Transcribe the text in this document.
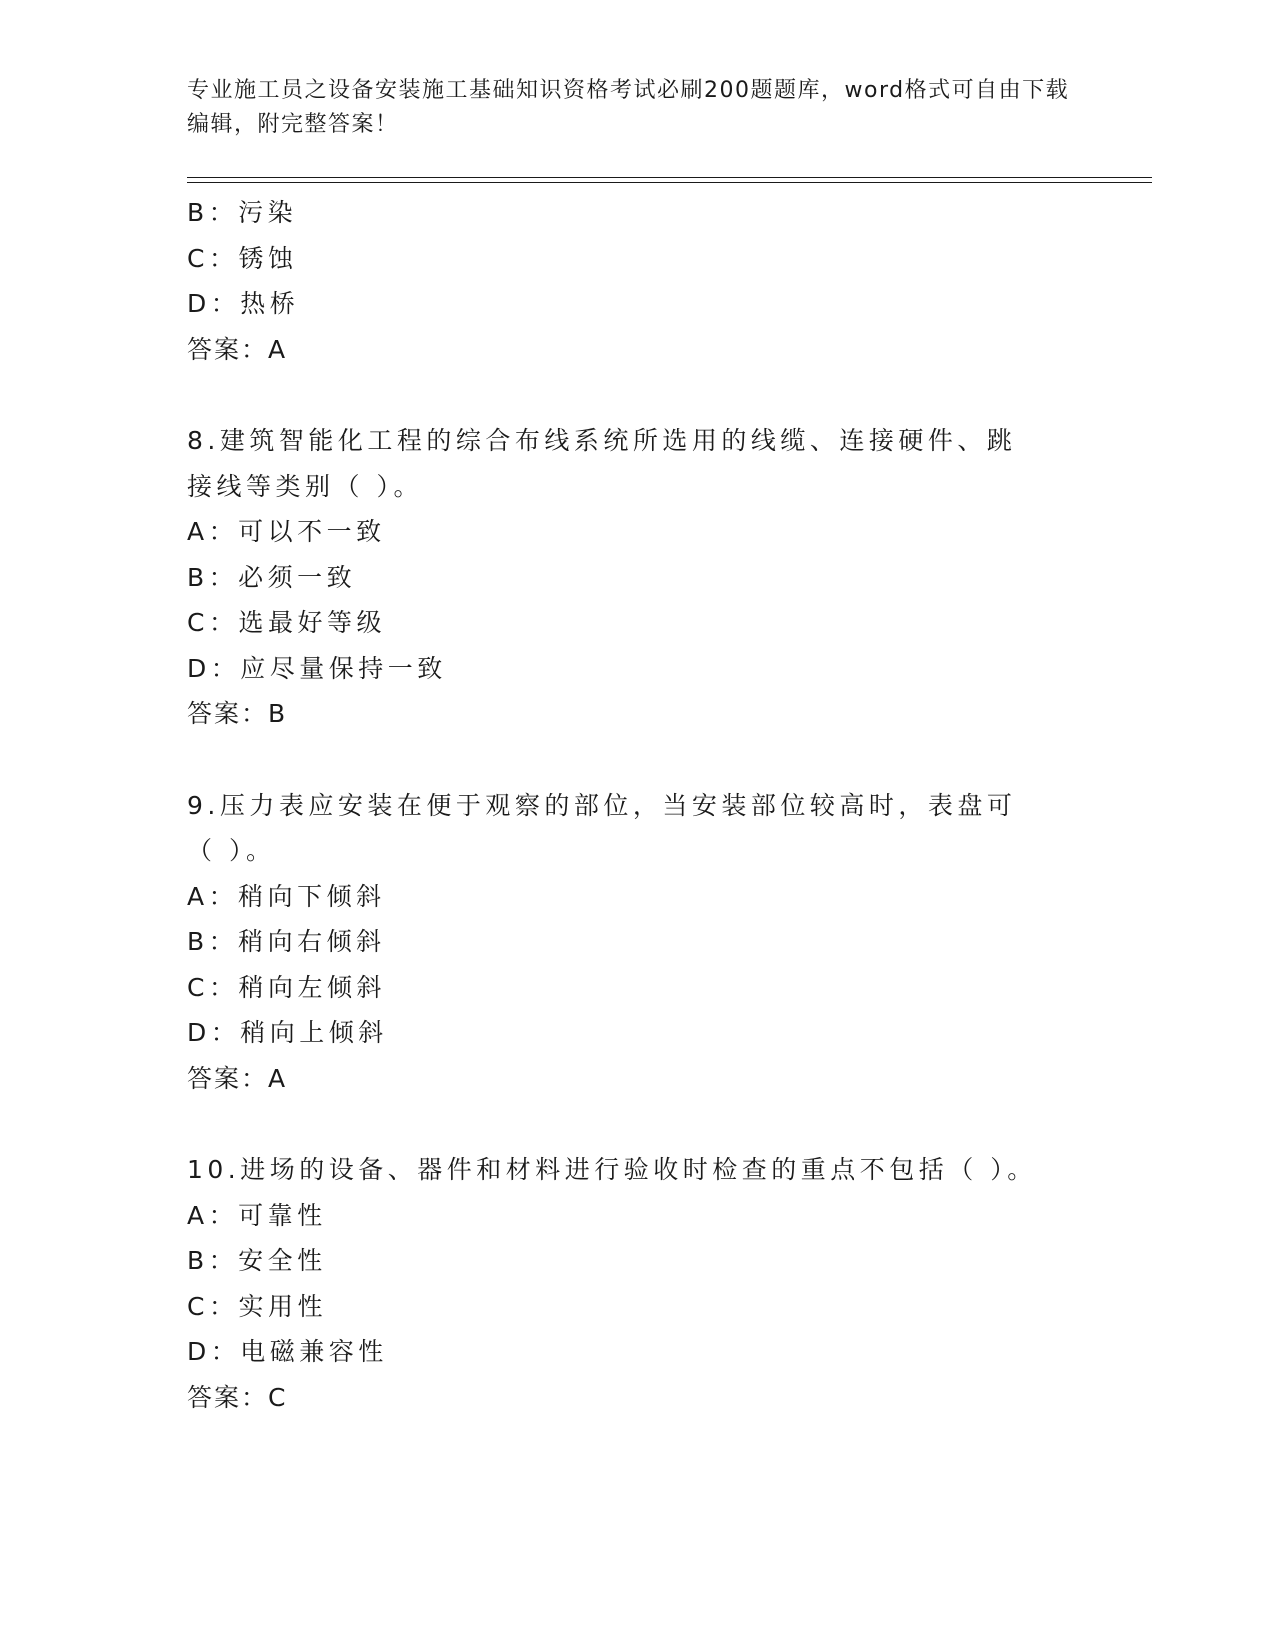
专业施工员之设备安装施工基础知识资格考试必刷200题题库，word格式可自由下载编辑，附完整答案！
B：污染
C：锈蚀
D：热桥
答案：A
8.建筑智能化工程的综合布线系统所选用的线缆、连接硬件、跳接线等类别（ ）。
A：可以不一致
B：必须一致
C：选最好等级
D：应尽量保持一致
答案：B
9.压力表应安装在便于观察的部位，当安装部位较高时，表盘可（ ）。
A：稍向下倾斜
B：稍向右倾斜
C：稍向左倾斜
D：稍向上倾斜
答案：A
10.进场的设备、器件和材料进行验收时检查的重点不包括（ ）。
A：可靠性
B：安全性
C：实用性
D：电磁兼容性
答案：C
